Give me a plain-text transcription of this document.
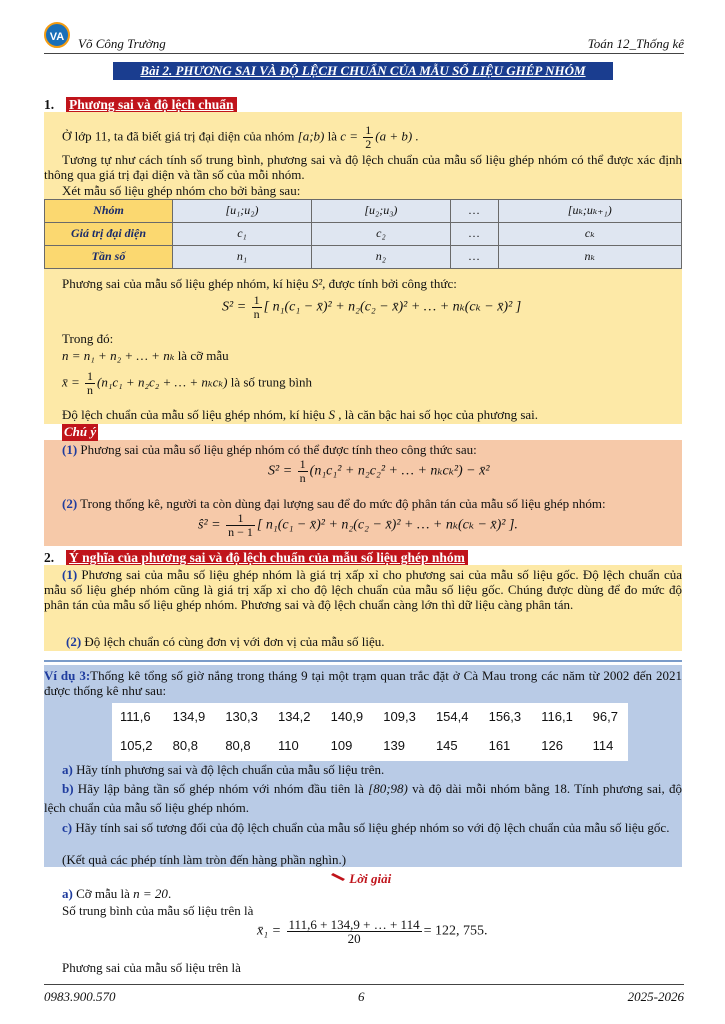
VA Võ Công Trường	Toán 12_Thống kê
Bài 2. PHƯƠNG SAI VÀ ĐỘ LỆCH CHUẨN CỦA MẪU SỐ LIỆU GHÉP NHÓM
1. Phương sai và độ lệch chuẩn
Ở lớp 11, ta đã biết giá trị đại diện của nhóm [a;b) là $c = \frac{1}{2} (a + b)$ .
Tương tự như cách tính số trung bình, phương sai và độ lệch chuẩn của mẫu số liệu ghép nhóm có thể được xác định thông qua giá trị đại diện và tần số của mỗi nhóm.
Xét mẫu số liệu ghép nhóm cho bởi bảng sau:
Nhóm	[u₁;u₂)	[u₂;u₃)	…	[uₖ;uₖ₊₁)
Giá trị đại diện	c₁	c₂	…	cₖ
Tần số	n₁	n₂	…	nₖ
Phương sai của mẫu số liệu ghép nhóm, kí hiệu S², được tính bởi công thức:
$S^2 = \frac{1}{n}$ [ n₁(c₁ − x̄)² + n₂(c₂ − x̄)² + … + nₖ(cₖ − x̄)² ]
Trong đó:
n = n₁ + n₂ + … + nₖ là cỡ mẫu
x̄ = $\frac{1}{n} (n_1c_1 + n_2c_2$ + … + nₖcₖ) là số trung bình
Độ lệch chuẩn của mẫu số liệu ghép nhóm, kí hiệu S , là căn bậc hai số học của phương sai.
Chú ý
(1) Phương sai của mẫu số liệu ghép nhóm có thể được tính theo công thức sau:
$S^2 = \frac{1}{n} (n_1c_1^2 + n_2c_2^2$ + … + nₖcₖ²) − x̄²
(2) Trong thống kê, người ta còn dùng đại lượng sau để đo mức độ phân tán của mẫu số liệu ghép nhóm:
ŝ² = $\frac{1}{n - 1}$ [ n₁(c₁ − x̄)² + n₂(c₂ − x̄)² + … + nₖ(cₖ − x̄)² ].
2. Ý nghĩa của phương sai và độ lệch chuẩn của mẫu số liệu ghép nhóm
(1) Phương sai của mẫu số liệu ghép nhóm là giá trị xấp xỉ cho phương sai của mẫu số liệu gốc. Độ lệch chuẩn của mẫu số liệu ghép nhóm cũng là giá trị xấp xỉ cho độ lệch chuẩn của mẫu số liệu gốc. Chúng được dùng để đo mức độ phân tán của mẫu số liệu ghép nhóm. Phương sai và độ lệch chuẩn càng lớn thì dữ liệu càng phân tán.
(2) Độ lệch chuẩn có cùng đơn vị với đơn vị của mẫu số liệu.
Ví dụ 3:Thống kê tổng số giờ nắng trong tháng 9 tại một trạm quan trắc đặt ở Cà Mau trong các năm từ 2002 đến 2021 được thống kê như sau:
111,6	134,9	130,3	134,2	140,9	109,3	154,4	156,3	116,1	96,7
105,2	80,8	80,8	110	109	139	145	161	126	114
a) Hãy tính phương sai và độ lệch chuẩn của mẫu số liệu trên.
b) Hãy lập bảng tần số ghép nhóm với nhóm đầu tiên là [80;98) và độ dài mỗi nhóm bằng 18. Tính phương sai, độ lệch chuẩn của mẫu số liệu ghép nhóm.
c) Hãy tính sai số tương đối của độ lệch chuẩn của mẫu số liệu ghép nhóm so với độ lệch chuẩn của mẫu số liệu gốc.
(Kết quả các phép tính làm tròn đến hàng phần nghìn.)
Lời giải
a) Cỡ mẫu là n = 20.
Số trung bình của mẫu số liệu trên là
x̄₁ = $\frac{111,6 + 134,9 + \dots + 114}{20} = 122$, 755.
Phương sai của mẫu số liệu trên là
0983.900.570	6	2025-2026
